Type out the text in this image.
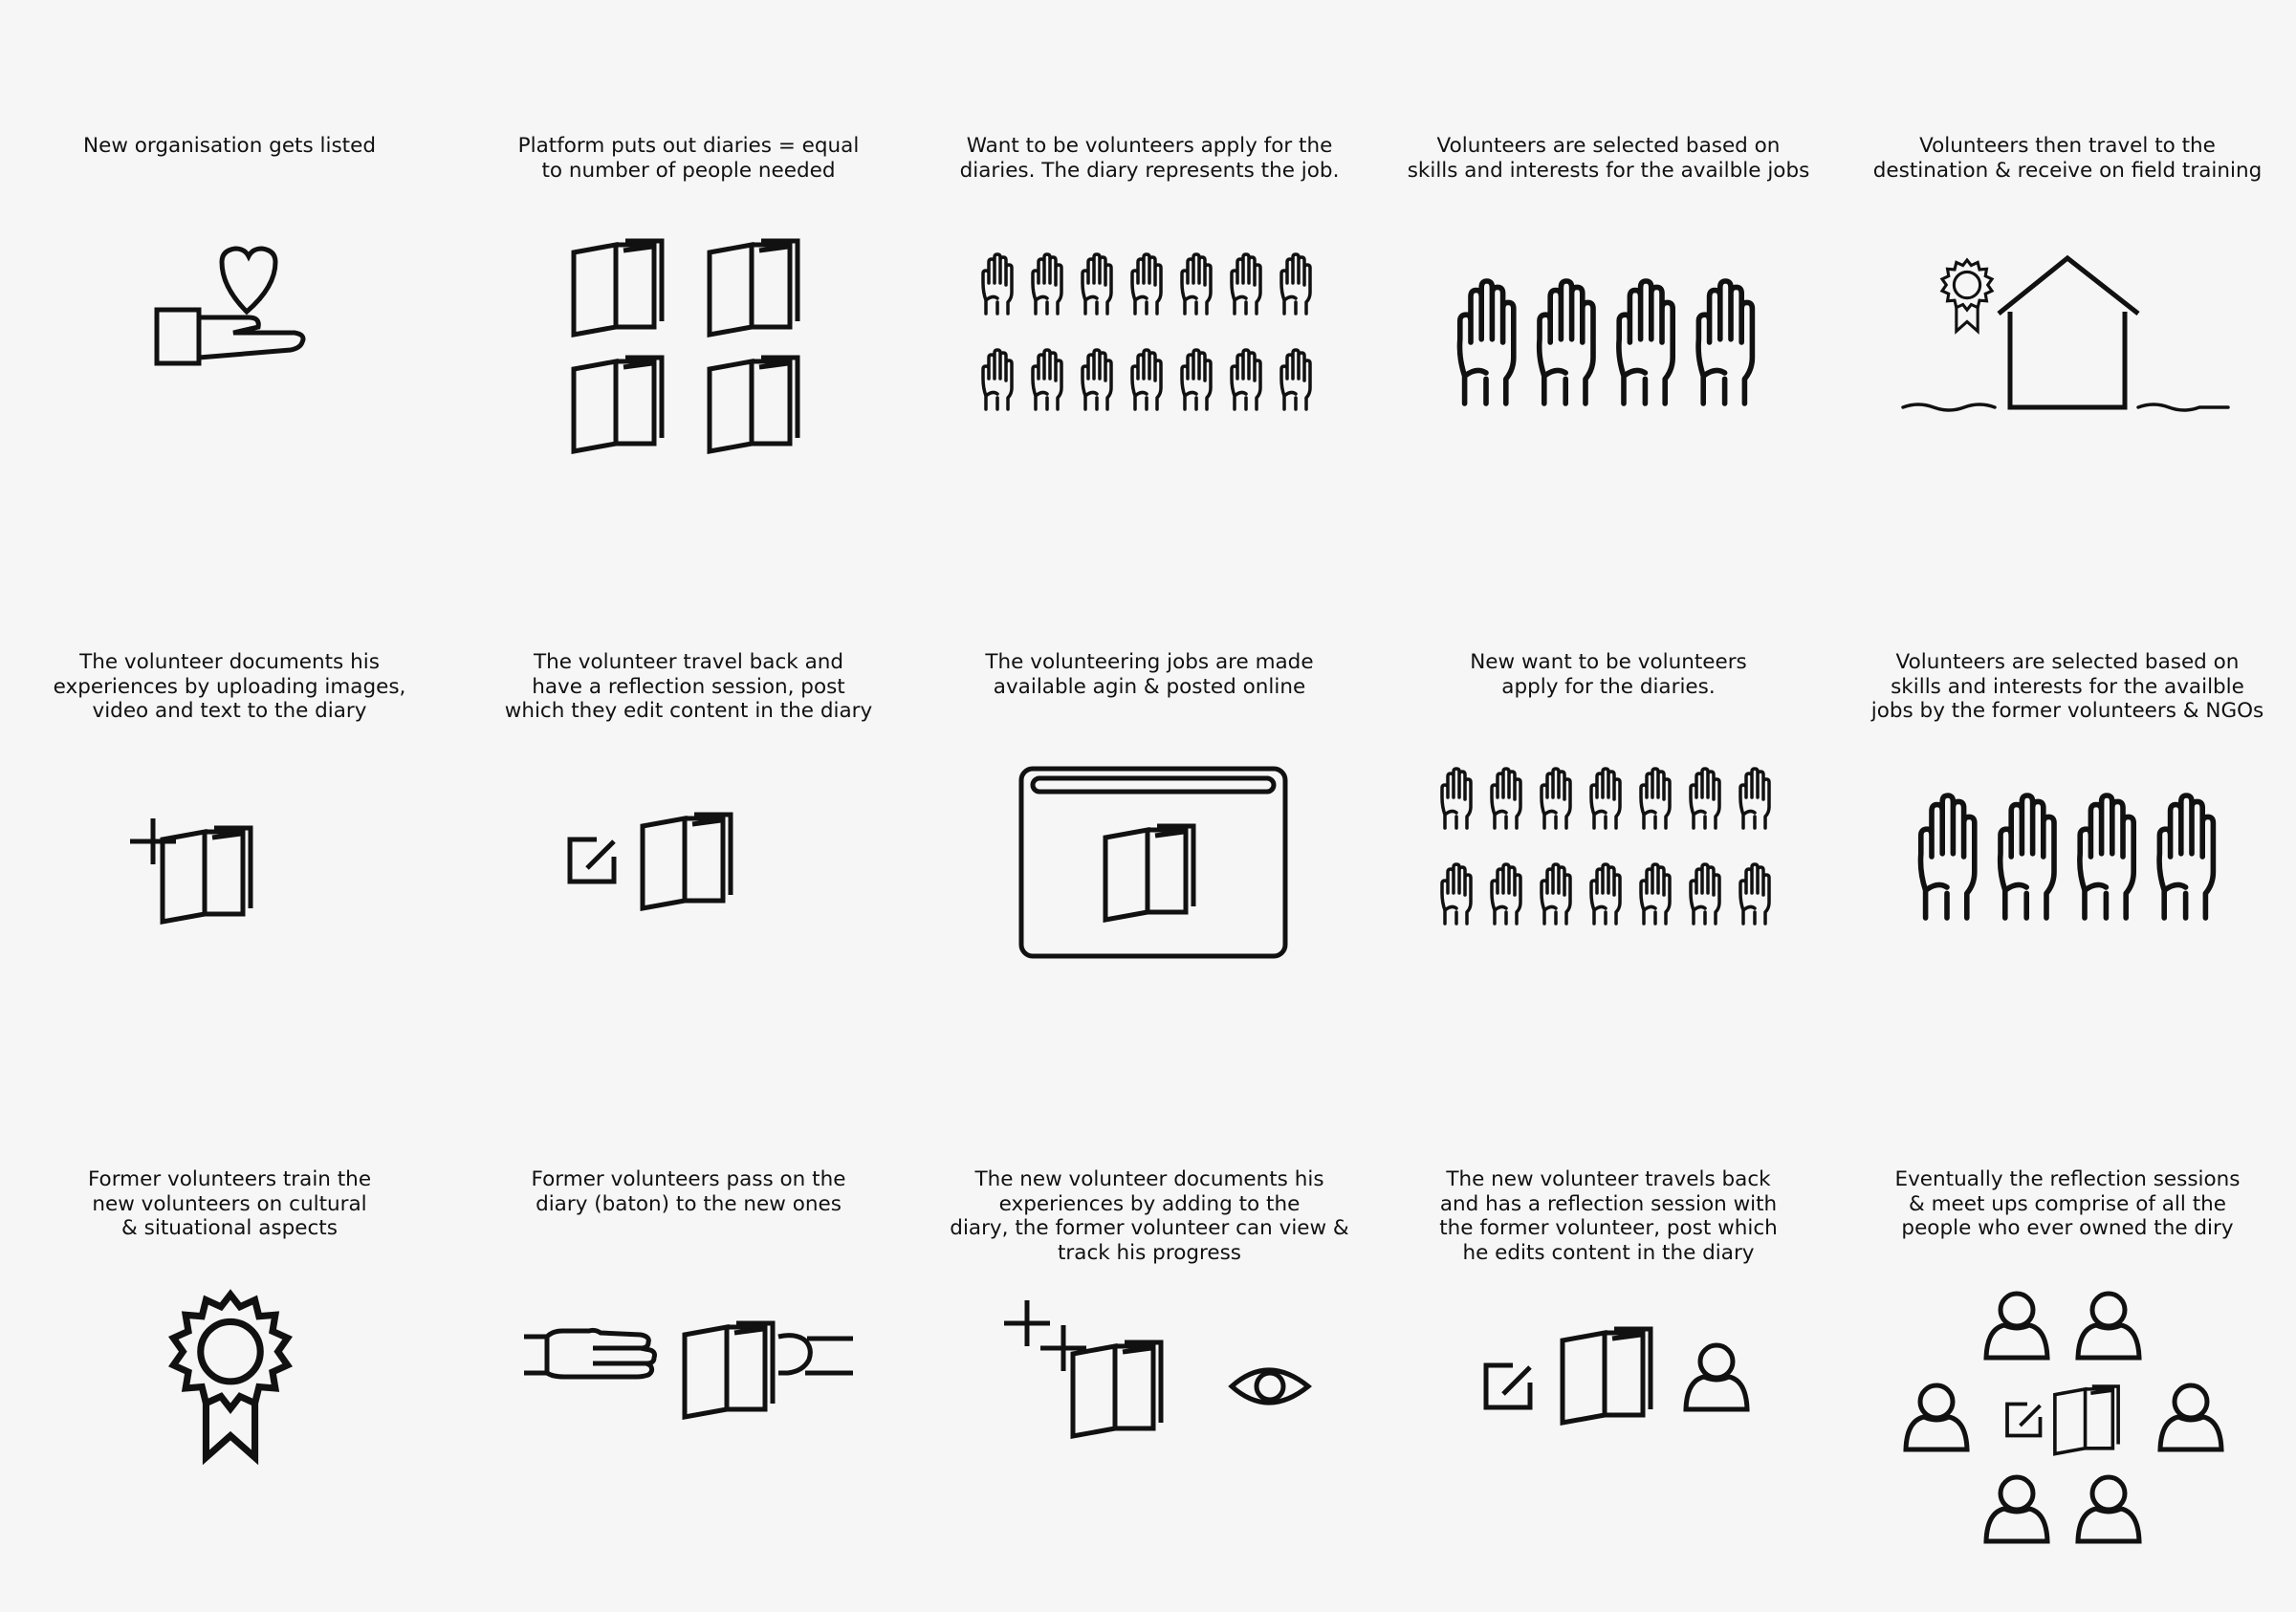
New organisation gets listed	Platform puts out diaries = equal
to number of people needed
Want to be volunteers apply for the
diaries. The diary represents the job.
Volunteers are selected based on
skills and interests for the availble jobs
Volunteers then travel to the
destination & receive on field training
The volunteer documents his
experiences by uploading images,
video and text to the diary
The volunteer travel back and
have a reflection session, post
which they edit content in the diary
The volunteering jobs are made
available agin & posted online
New want to be volunteers
apply for the diaries.
Volunteers are selected based on
skills and interests for the availble
jobs by the former volunteers & NGOs
Former volunteers train the
new volunteers on cultural
& situational aspects
Former volunteers pass on the
diary (baton) to the new ones
The new volunteer documents his
experiences by adding to the
diary, the former volunteer can view &
track his progress
The new volunteer travels back
and has a reflection session with
the former volunteer, post which
he edits content in the diary
Eventually the reflection sessions
& meet ups comprise of all the
people who ever owned the diry
